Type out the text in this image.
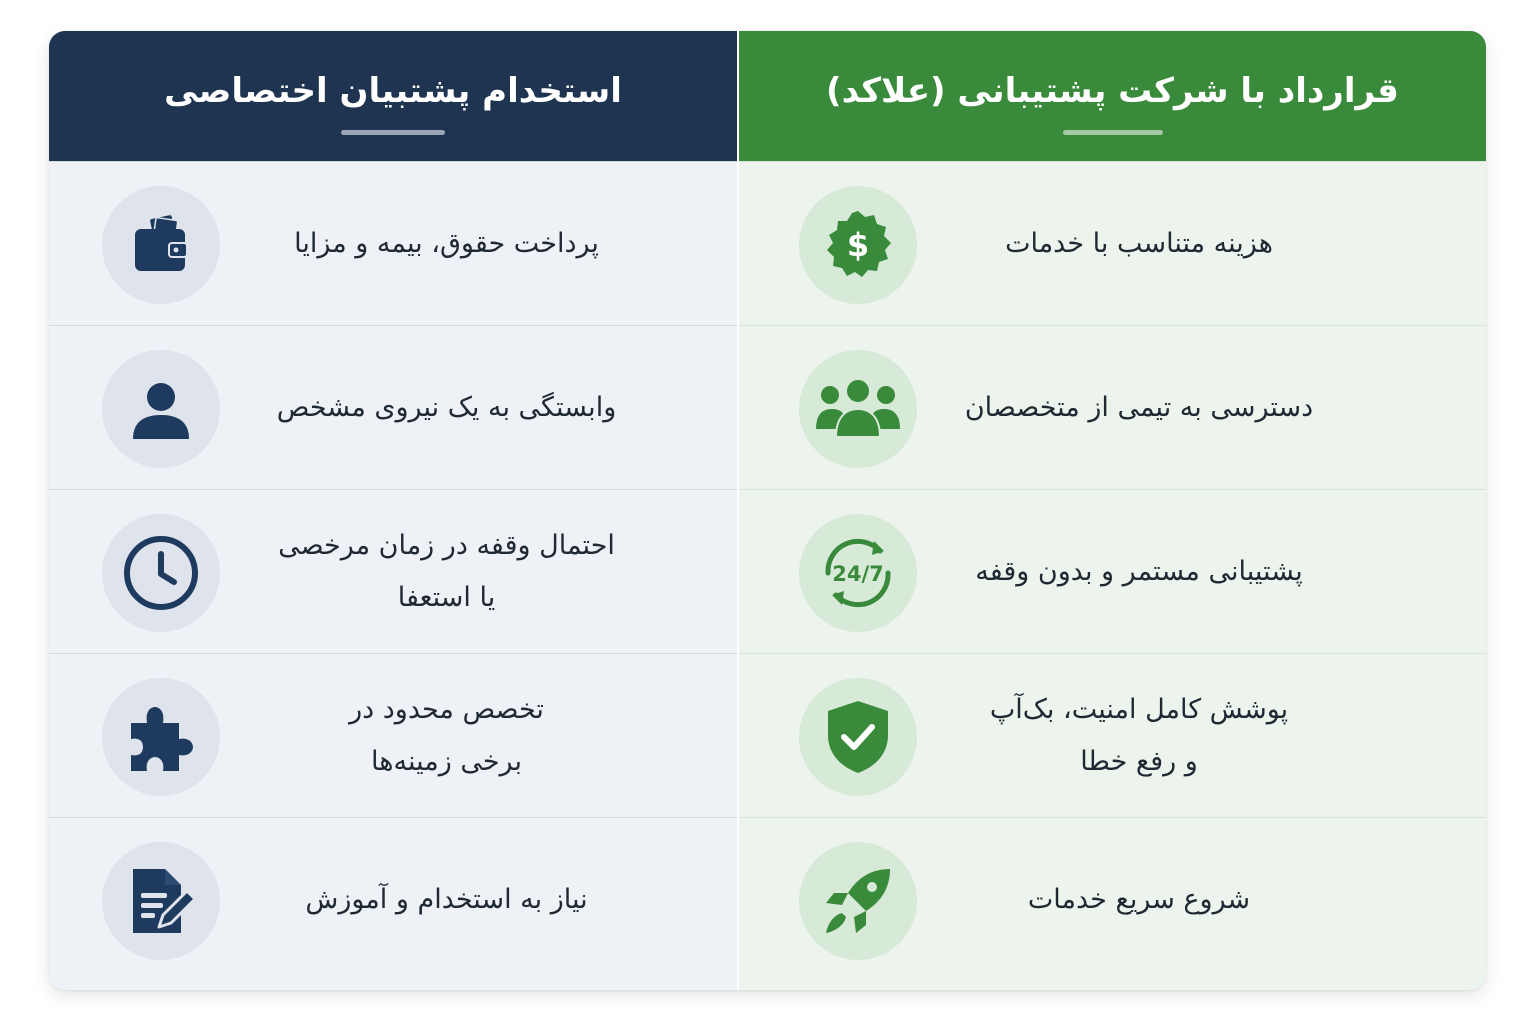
استخدام پشتبیان اختصاصی
پرداخت حقوق، بیمه و مزایا
وابستگی به یک نیروی مشخص
احتمال وقفه در زمان مرخصی
یا استعفا
تخصص محدود در
برخی زمینه‌ها
نیاز به استخدام و آموزش
قرارداد با شرکت پشتیبانی (علاکد)
$	هزینه متناسب با خدمات
دسترسی به تیمی از متخصصان
24/7	پشتیبانی مستمر و بدون وقفه
پوشش کامل امنیت، بک‌آپ
و رفع خطا
شروع سریع خدمات
